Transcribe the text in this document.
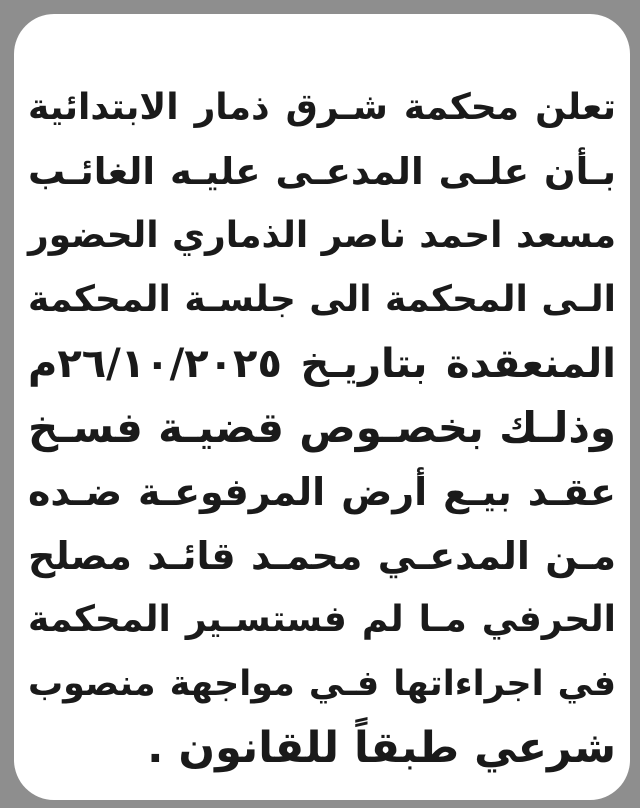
تعلن محكمة شـرق ذمار الابتدائية
بـأن علـى المدعـى عليـه الغائـب
مسعد احمد ناصر الذماري الحضور
الـى المحكمة الى جلسـة المحكمة
المنعقدة بتاريـخ ٢٦/١٠/٢٠٢٥م
وذلـك بخصـوص قضيـة فسـخ
عقـد بيـع أرض المرفوعـة ضـده
مـن المدعـي محمـد قائـد مصلح
الحرفي مـا لم فستسـير المحكمة
في اجراءاتها فـي مواجهة منصوب
شرعي طبقاً للقانون .
